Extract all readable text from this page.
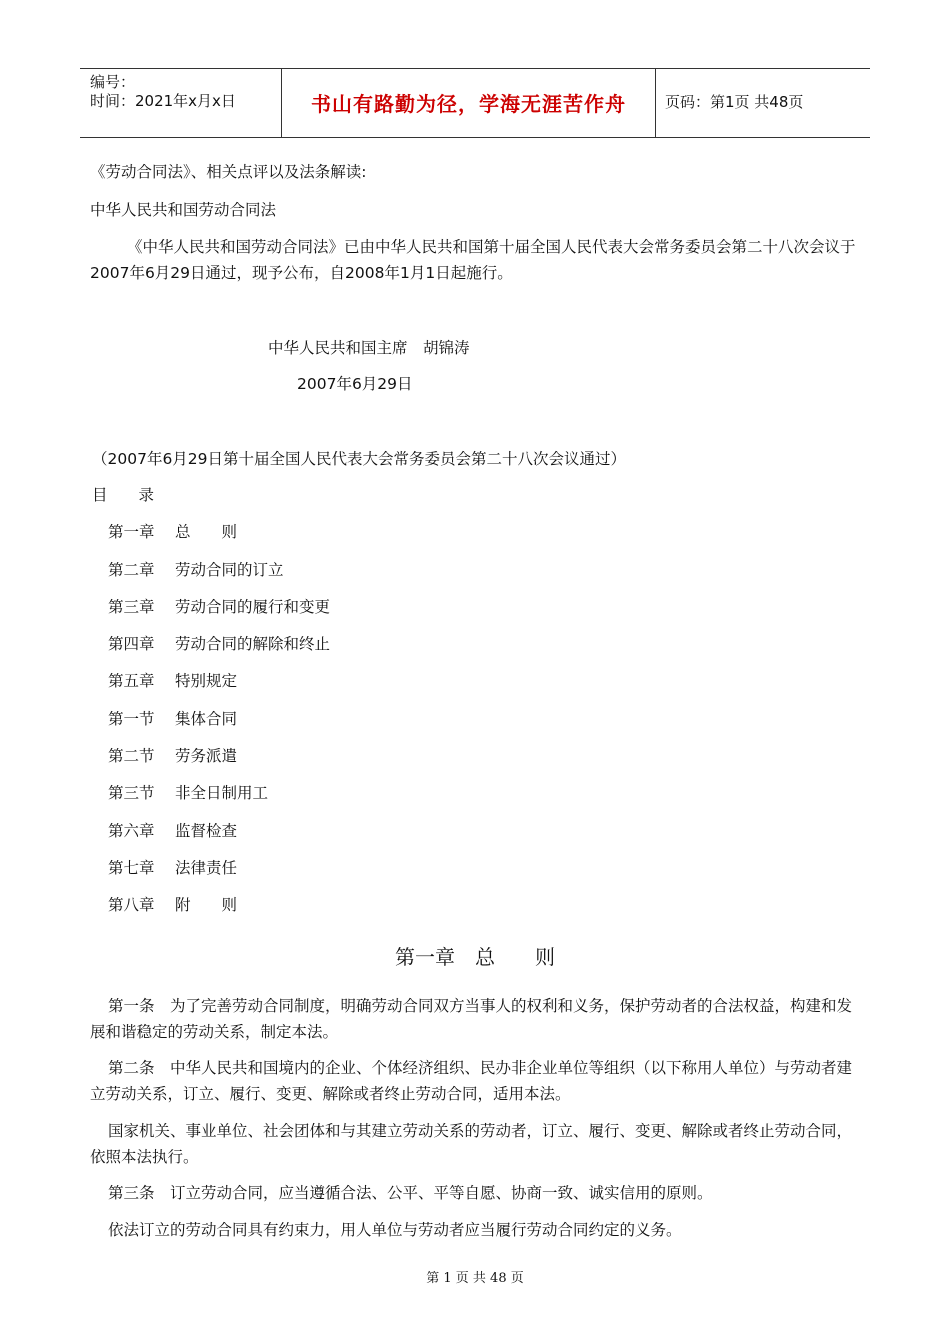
编号：
时间：2021年x月x日	书山有路勤为径，学海无涯苦作舟	页码：第1页 共48页
《劳动合同法》、相关点评以及法条解读:
中华人民共和国劳动合同法
《中华人民共和国劳动合同法》已由中华人民共和国第十届全国人民代表大会常务委员会第二十八次会议于2007年6月29日通过，现予公布，自2008年1月1日起施行。
中华人民共和国主席　胡锦涛
2007年6月29日
（2007年6月29日第十届全国人民代表大会常务委员会第二十八次会议通过）
目　　录
第一章 总　　则
第二章 劳动合同的订立
第三章 劳动合同的履行和变更
第四章 劳动合同的解除和终止
第五章 特别规定
第一节 集体合同
第二节 劳务派遣
第三节 非全日制用工
第六章 监督检查
第七章 法律责任
第八章 附　　则
第一章　总　　则
第一条　为了完善劳动合同制度，明确劳动合同双方当事人的权利和义务，保护劳动者的合法权益，构建和发展和谐稳定的劳动关系，制定本法。
第二条　中华人民共和国境内的企业、个体经济组织、民办非企业单位等组织（以下称用人单位）与劳动者建立劳动关系，订立、履行、变更、解除或者终止劳动合同，适用本法。
国家机关、事业单位、社会团体和与其建立劳动关系的劳动者，订立、履行、变更、解除或者终止劳动合同，依照本法执行。
第三条　订立劳动合同，应当遵循合法、公平、平等自愿、协商一致、诚实信用的原则。
依法订立的劳动合同具有约束力，用人单位与劳动者应当履行劳动合同约定的义务。
第 1 页 共 48 页
